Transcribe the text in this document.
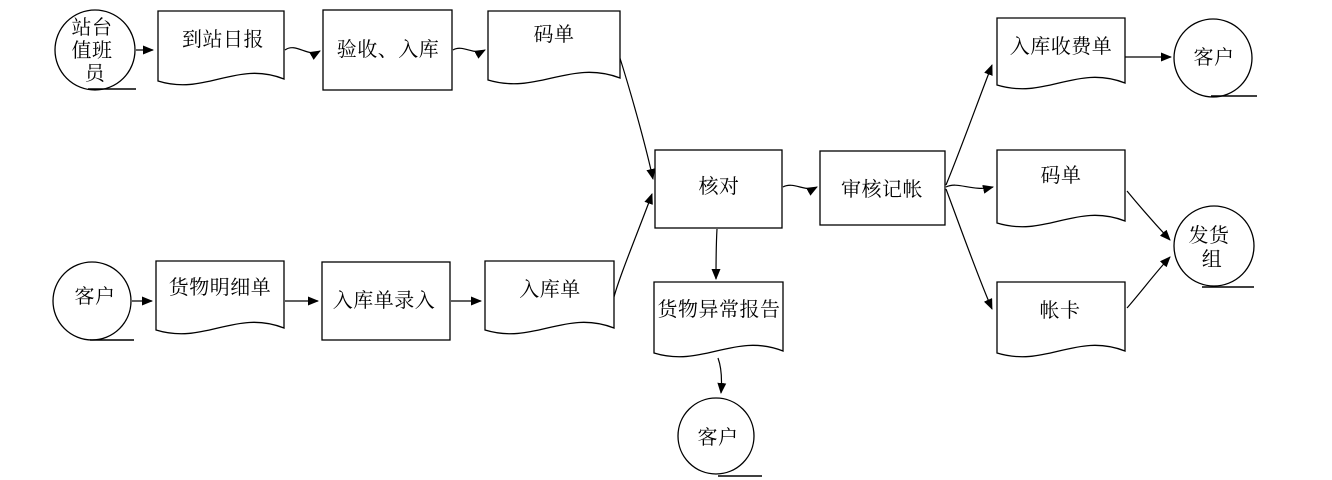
站台 值班 员
到站日报	验收、入库
码单
客户	货物明细单
入库单录入	入库单
核对	审核记帐
货物异常报告
客户
入库收费单	客户
码单
帐卡
发货 组
